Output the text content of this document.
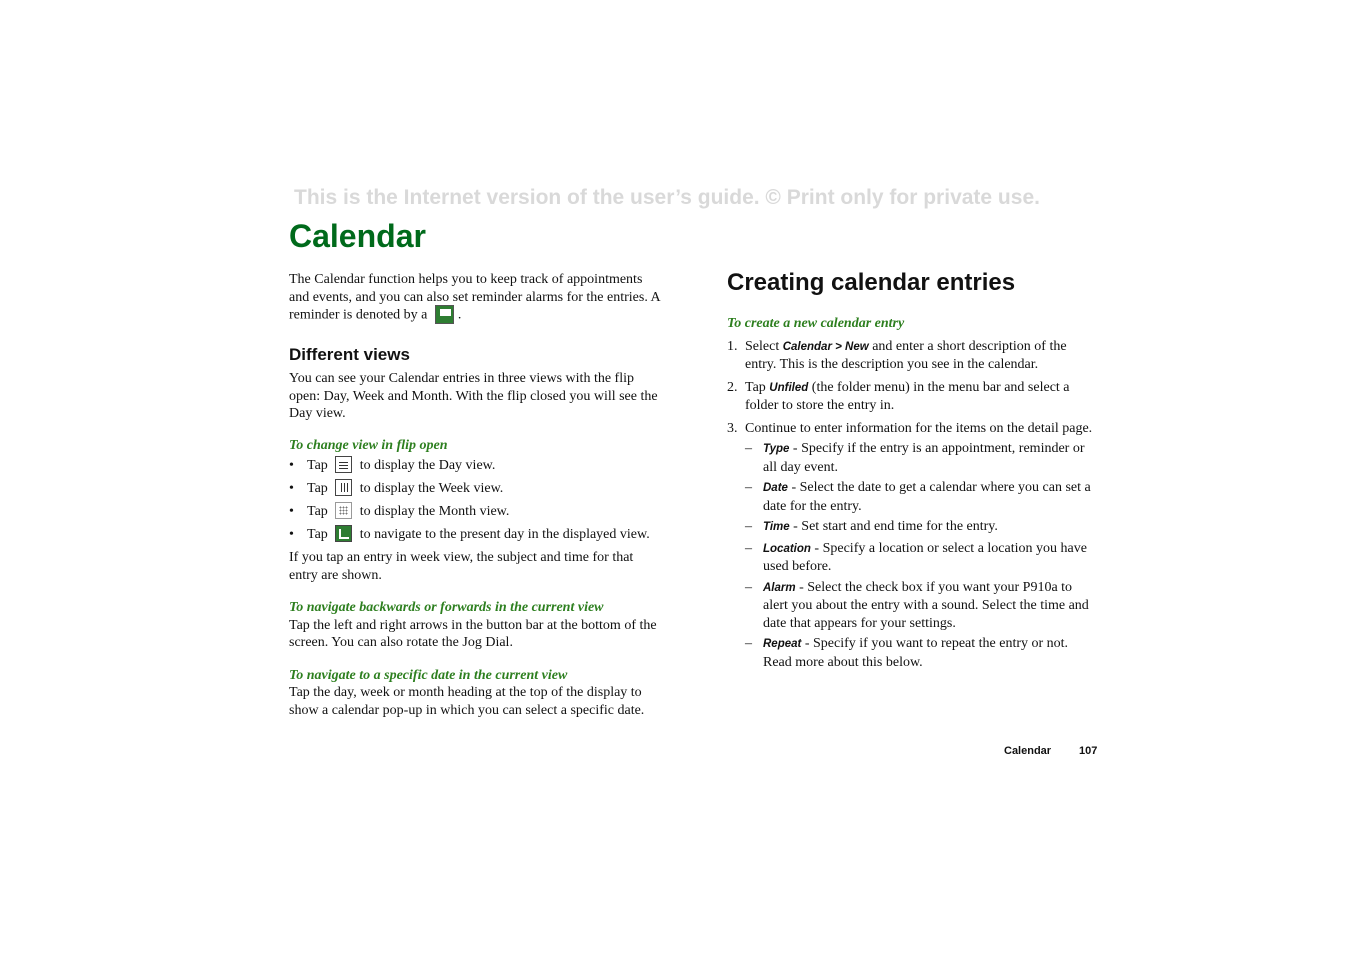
This is the Internet version of the user’s guide. © Print only for private use.
Calendar

The Calendar function helps you to keep track of appointments and events, and you can also set reminder alarms for the entries. A reminder is denoted by a .

Different views

You can see your Calendar entries in three views with the flip open: Day, Week and Month. With the flip closed you will see the Day view.

To change view in flip open

• Tap to display the Day view.
• Tap to display the Week view.
• Tap to display the Month view.
• Tap to navigate to the present day in the displayed view.

If you tap an entry in week view, the subject and time for that entry are shown.

To navigate backwards or forwards in the current view

Tap the left and right arrows in the button bar at the bottom of the screen. You can also rotate the Jog Dial.

To navigate to a specific date in the current view

Tap the day, week or month heading at the top of the display to show a calendar pop-up in which you can select a specific date.

Creating calendar entries

To create a new calendar entry

1. Select Calendar > New and enter a short description of the entry. This is the description you see in the calendar.
2. Tap Unfiled (the folder menu) in the menu bar and select a folder to store the entry in.
3. Continue to enter information for the items on the detail page.
– Type - Specify if the entry is an appointment, reminder or all day event.
– Date - Select the date to get a calendar where you can set a date for the entry.
– Time - Set start and end time for the entry.
– Location - Specify a location or select a location you have used before.
– Alarm - Select the check box if you want your P910a to alert you about the entry with a sound. Select the time and date that appears for your settings.
– Repeat - Specify if you want to repeat the entry or not. Read more about this below.
Calendar	107
